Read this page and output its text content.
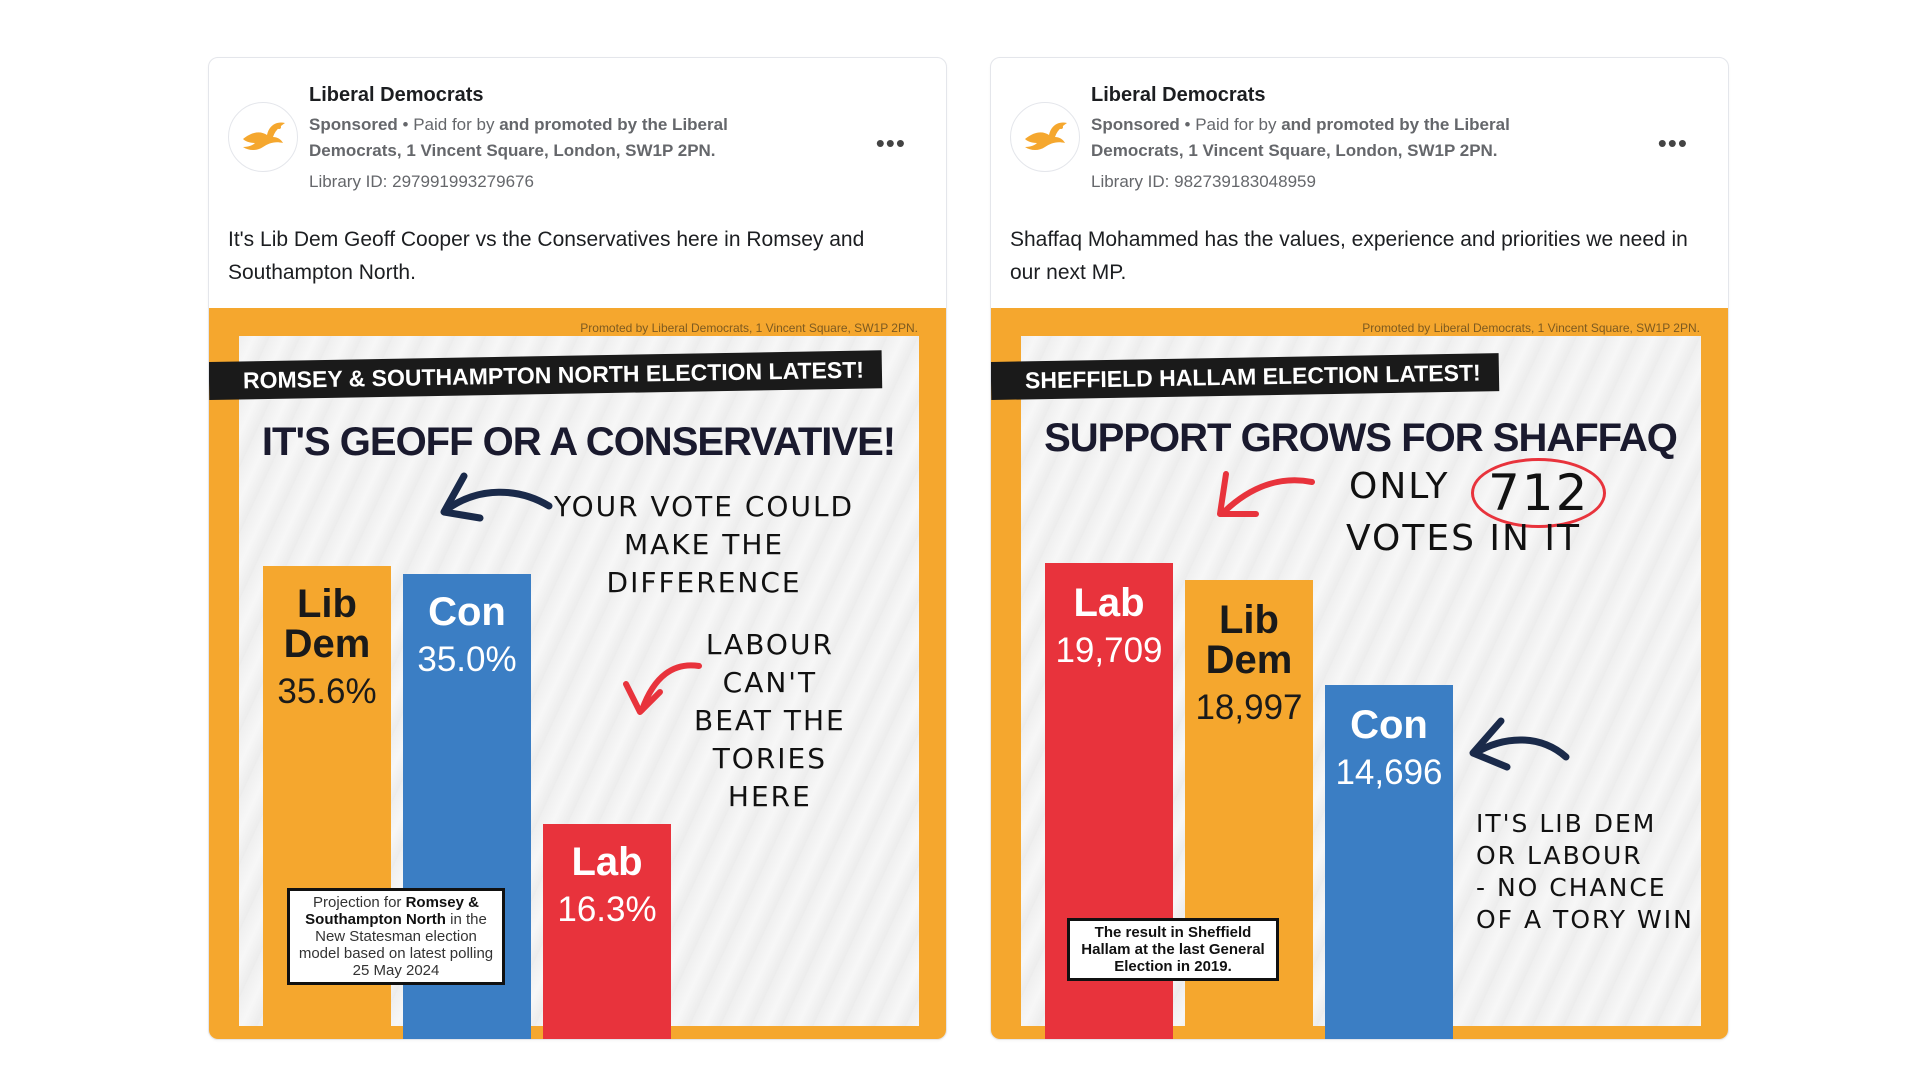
Liberal Democrats
Sponsored • Paid for by and promoted by the Liberal Democrats, 1 Vincent Square, London, SW1P 2PN.
Library ID: 297991993279676
•••
It's Lib Dem Geoff Cooper vs the Conservatives here in Romsey and Southampton North.
Promoted by Liberal Democrats, 1 Vincent Square, SW1P 2PN.
ROMSEY & SOUTHAMPTON NORTH ELECTION LATEST!
IT'S GEOFF OR A CONSERVATIVE!
Lib Dem
35.6%
Con
35.0%
Lab
16.3%
YOUR VOTE COULD
MAKE THE
DIFFERENCE
LABOUR
CAN'T
BEAT THE
TORIES
HERE
Projection for Romsey & Southampton North in the New Statesman election model based on latest polling 25 May 2024
Liberal Democrats
Sponsored • Paid for by and promoted by the Liberal Democrats, 1 Vincent Square, London, SW1P 2PN.
Library ID: 982739183048959
•••
Shaffaq Mohammed has the values, experience and priorities we need in our next MP.
Promoted by Liberal Democrats, 1 Vincent Square, SW1P 2PN.
SHEFFIELD HALLAM ELECTION LATEST!
SUPPORT GROWS FOR SHAFFAQ
ONLY 712
VOTES IN IT
Lab
19,709
Lib Dem
18,997 Con
14,696
IT'S LIB DEM
OR LABOUR
- NO CHANCE
OF A TORY WIN
The result in Sheffield Hallam at the last General Election in 2019.
